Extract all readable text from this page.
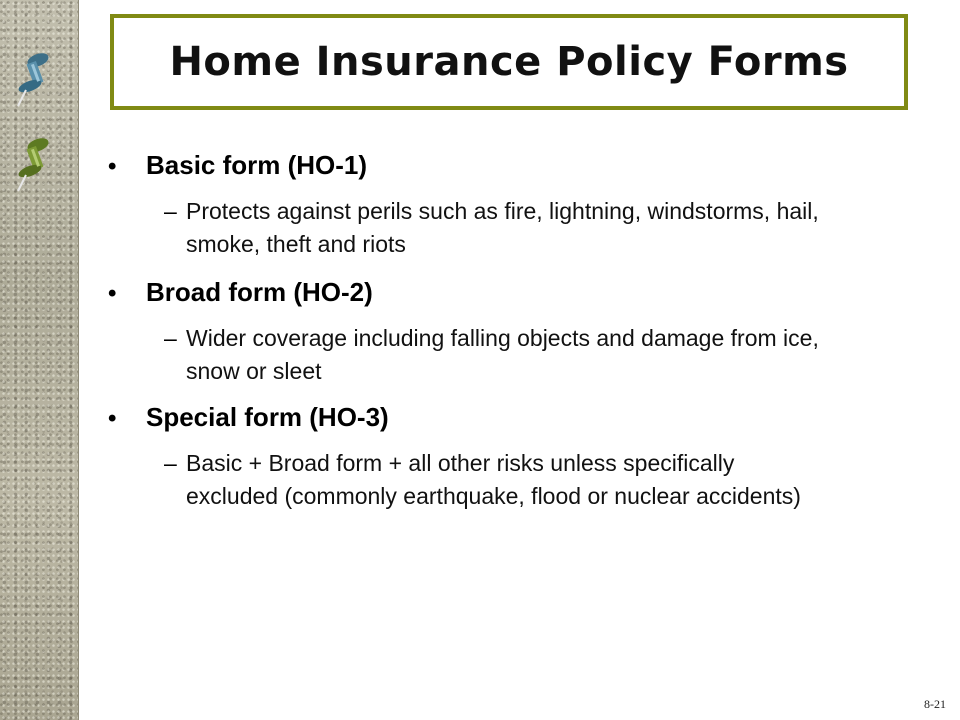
Home Insurance Policy Forms
•	Basic form (HO-1)
– Protects against perils such as fire, lightning, windstorms, hail, smoke, theft and riots
•	Broad form (HO-2)
– Wider coverage including falling objects and damage from ice, snow or sleet
•	Special form (HO-3)
– Basic + Broad form + all other risks unless specifically excluded (commonly earthquake, flood or nuclear accidents)
8-21
